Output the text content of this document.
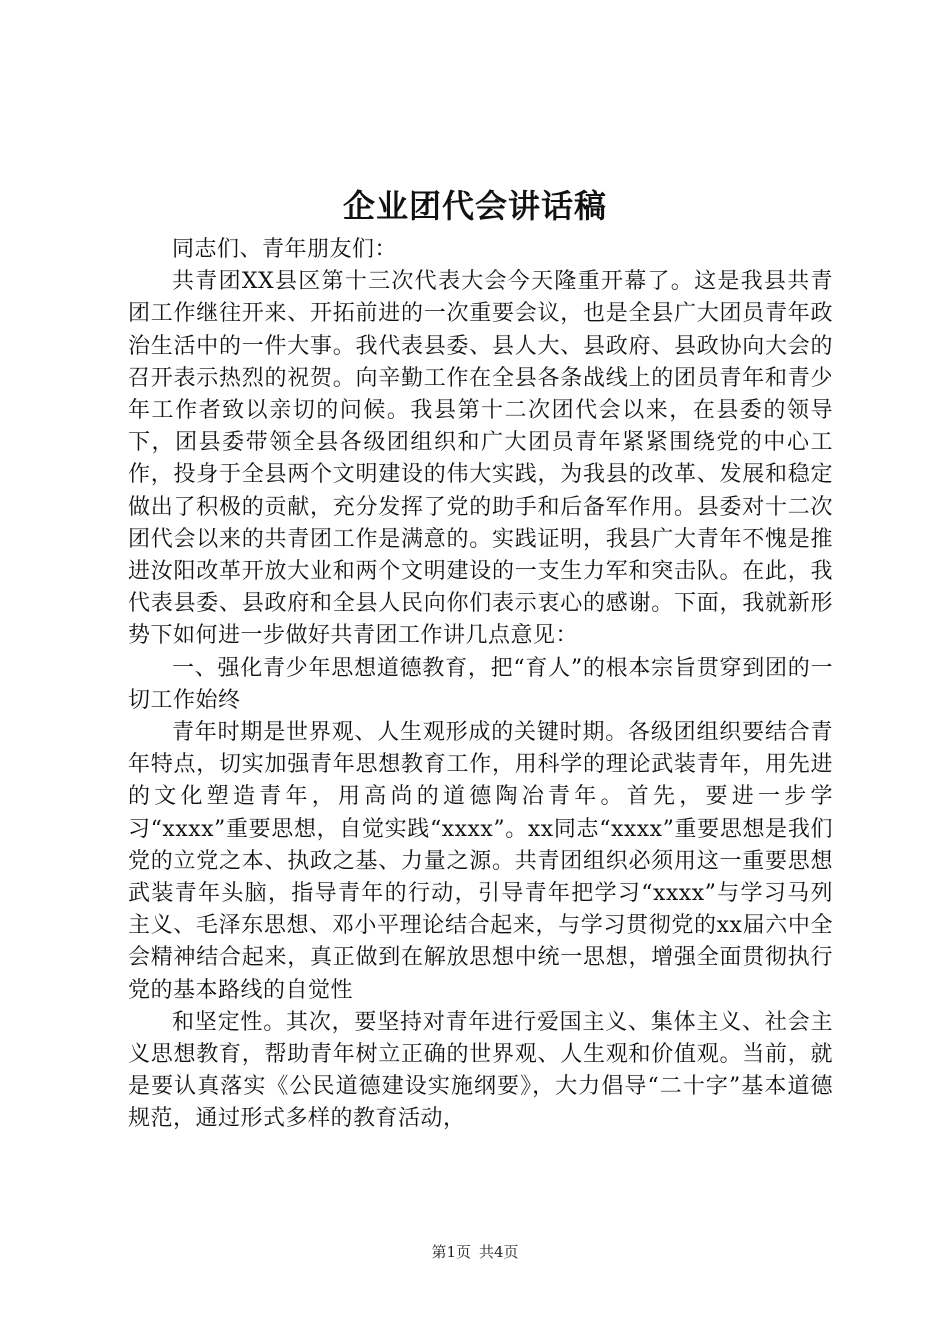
企业团代会讲话稿

同志们、青年朋友们：

共青团XX县区第十三次代表大会今天隆重开幕了。这是我县共青团工作继往开来、开拓前进的一次重要会议，也是全县广大团员青年政治生活中的一件大事。我代表县委、县人大、县政府、县政协向大会的召开表示热烈的祝贺。向辛勤工作在全县各条战线上的团员青年和青少年工作者致以亲切的问候。我县第十二次团代会以来，在县委的领导下，团县委带领全县各级团组织和广大团员青年紧紧围绕党的中心工作，投身于全县两个文明建设的伟大实践，为我县的改革、发展和稳定做出了积极的贡献，充分发挥了党的助手和后备军作用。县委对十二次团代会以来的共青团工作是满意的。实践证明，我县广大青年不愧是推进汝阳改革开放大业和两个文明建设的一支生力军和突击队。在此，我代表县委、县政府和全县人民向你们表示衷心的感谢。下面，我就新形势下如何进一步做好共青团工作讲几点意见：

一、强化青少年思想道德教育，把“育人”的根本宗旨贯穿到团的一切工作始终

青年时期是世界观、人生观形成的关键时期。各级团组织要结合青年特点，切实加强青年思想教育工作，用科学的理论武装青年，用先进的文化塑造青年，用高尚的道德陶冶青年。首先，要进一步学习“xxxx”重要思想，自觉实践“xxxx”。xx同志“xxxx”重要思想是我们党的立党之本、执政之基、力量之源。共青团组织必须用这一重要思想武装青年头脑，指导青年的行动，引导青年把学习“xxxx”与学习马列主义、毛泽东思想、邓小平理论结合起来，与学习贯彻党的xx届六中全会精神结合起来，真正做到在解放思想中统一思想，增强全面贯彻执行党的基本路线的自觉性

和坚定性。其次，要坚持对青年进行爱国主义、集体主义、社会主义思想教育，帮助青年树立正确的世界观、人生观和价值观。当前，就是要认真落实《公民道德建设实施纲要》，大力倡导“二十字”基本道德规范，通过形式多样的教育活动，

第1页 共4页
